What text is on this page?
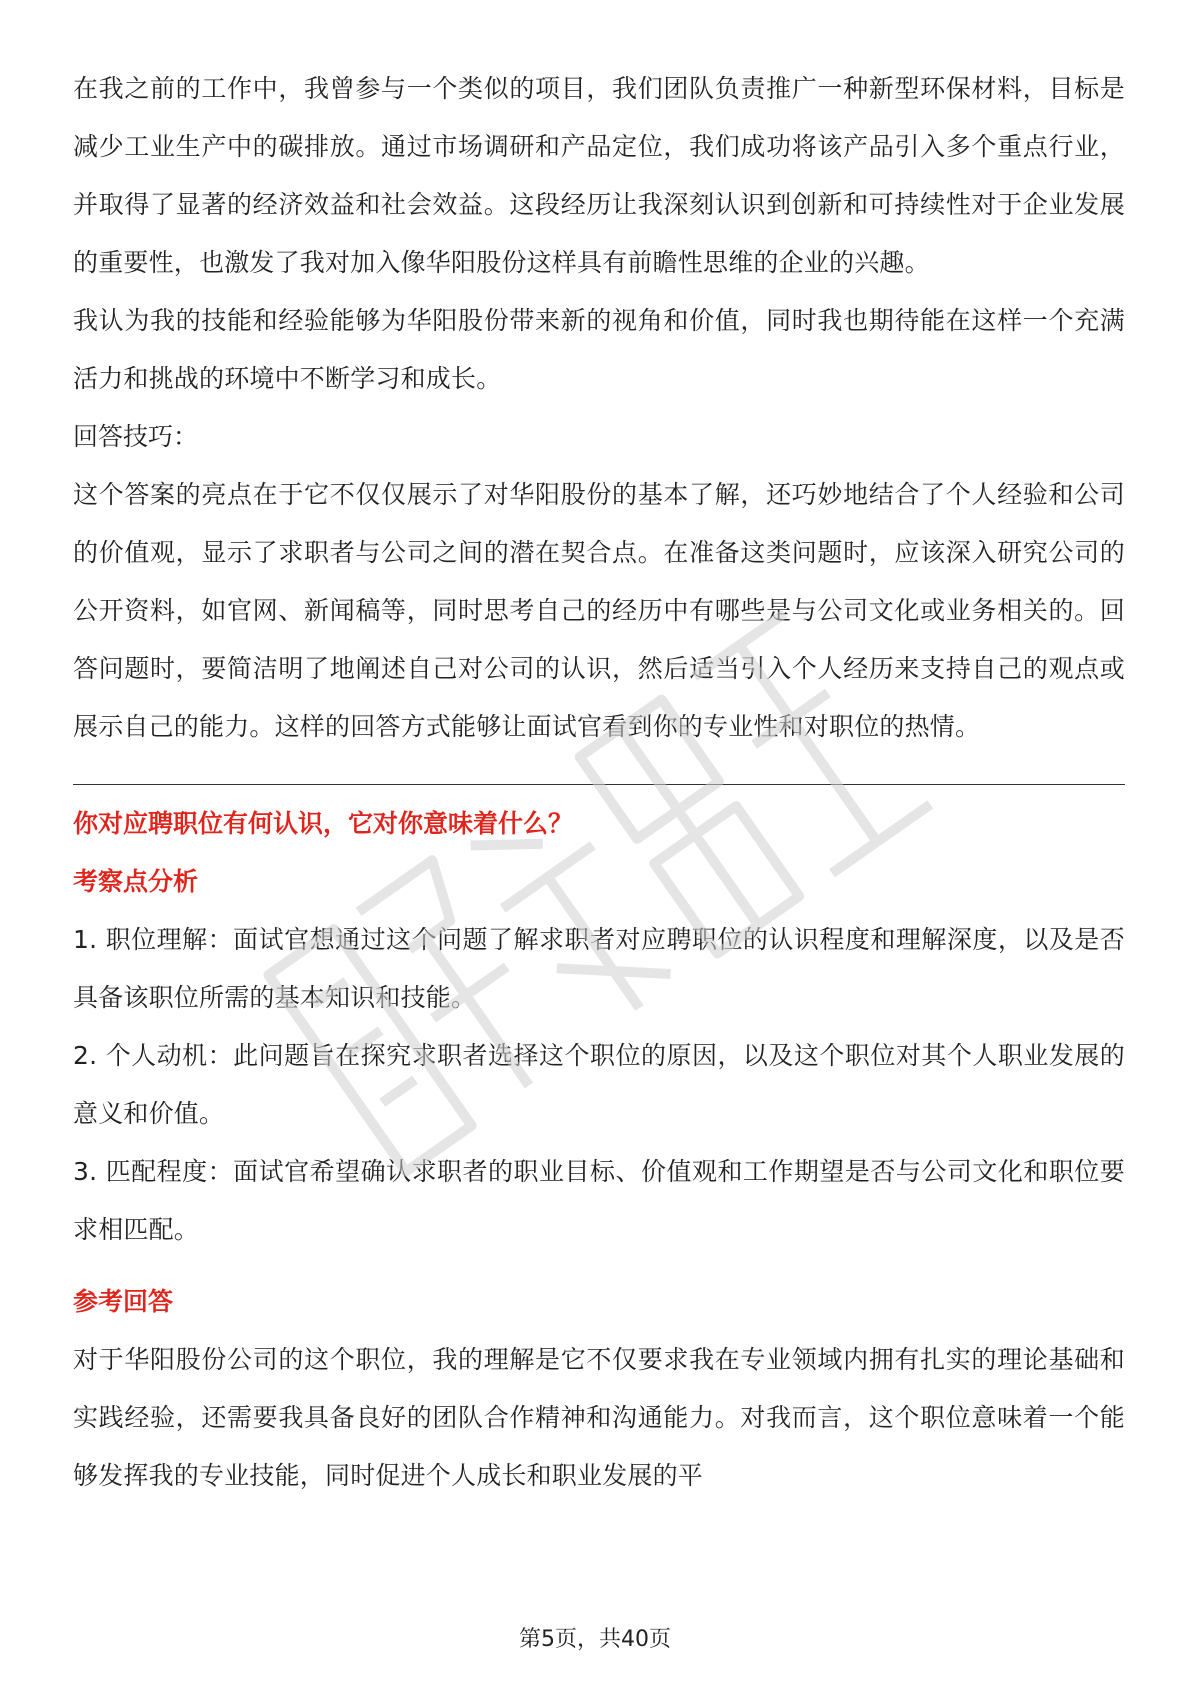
在我之前的工作中，我曾参与一个类似的项目，我们团队负责推广一种新型环保材料，目标是减少工业生产中的碳排放。通过市场调研和产品定位，我们成功将该产品引入多个重点行业，并取得了显著的经济效益和社会效益。这段经历让我深刻认识到创新和可持续性对于企业发展的重要性，也激发了我对加入像华阳股份这样具有前瞻性思维的企业的兴趣。

我认为我的技能和经验能够为华阳股份带来新的视角和价值，同时我也期待能在这样一个充满活力和挑战的环境中不断学习和成长。

回答技巧：

这个答案的亮点在于它不仅仅展示了对华阳股份的基本了解，还巧妙地结合了个人经验和公司的价值观，显示了求职者与公司之间的潜在契合点。在准备这类问题时，应该深入研究公司的公开资料，如官网、新闻稿等，同时思考自己的经历中有哪些是与公司文化或业务相关的。回答问题时，要简洁明了地阐述自己对公司的认识，然后适当引入个人经历来支持自己的观点或展示自己的能力。这样的回答方式能够让面试官看到你的专业性和对职位的热情。

你对应聘职位有何认识，它对你意味着什么？

考察点分析

1. 职位理解：面试官想通过这个问题了解求职者对应聘职位的认识程度和理解深度，以及是否具备该职位所需的基本知识和技能。

2. 个人动机：此问题旨在探究求职者选择这个职位的原因，以及这个职位对其个人职业发展的意义和价值。

3. 匹配程度：面试官希望确认求职者的职业目标、价值观和工作期望是否与公司文化和职位要求相匹配。

参考回答

对于华阳股份公司的这个职位，我的理解是它不仅要求我在专业领域内拥有扎实的理论基础和实践经验，还需要我具备良好的团队合作精神和沟通能力。对我而言，这个职位意味着一个能够发挥我的专业技能，同时促进个人成长和职业发展的平

第5页，共40页
